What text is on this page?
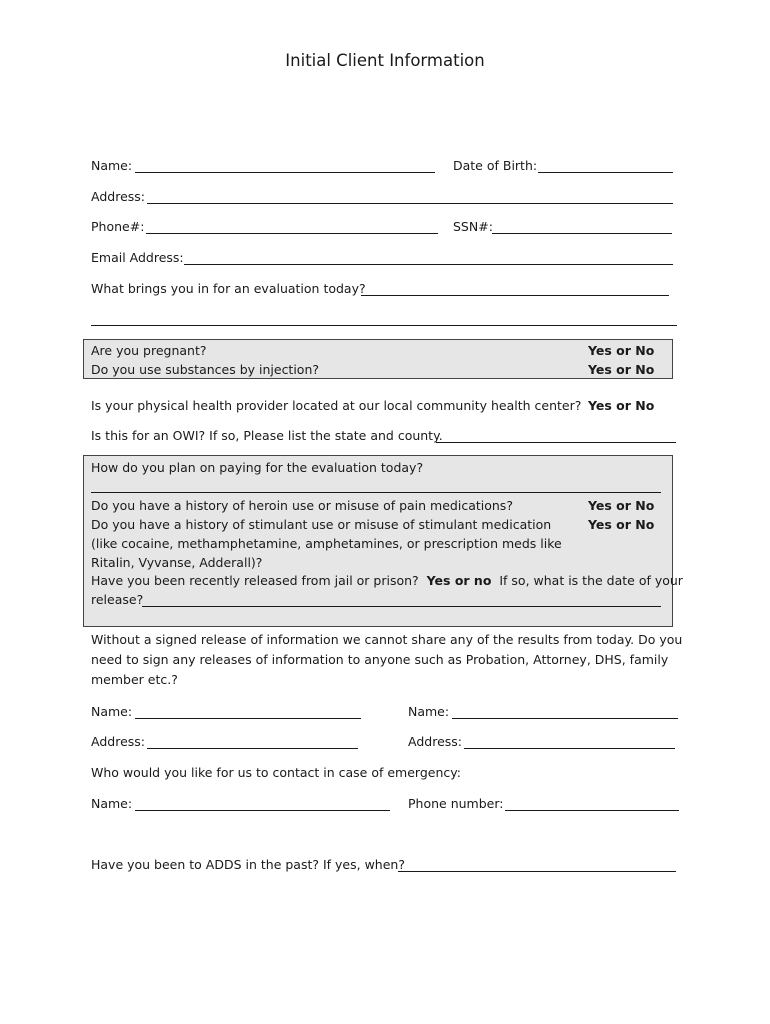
Initial Client Information
Name:	Date of Birth:
Address:
Phone#:	SSN#:
Email Address:
What brings you in for an evaluation today?
Are you pregnant?	Yes or No
Do you use substances by injection?	Yes or No
Is your physical health provider located at our local community health center? Yes or No
Is this for an OWI? If so, Please list the state and county.
How do you plan on paying for the evaluation today?
Do you have a history of heroin use or misuse of pain medications?	Yes or No
Do you have a history of stimulant use or misuse of stimulant medication	Yes or No
(like cocaine, methamphetamine, amphetamines, or prescription meds like
Ritalin, Vyvanse, Adderall)?
Have you been recently released from jail or prison? Yes or no If so, what is the date of your
release?
Without a signed release of information we cannot share any of the results from today. Do you
need to sign any releases of information to anyone such as Probation, Attorney, DHS, family
member etc.?
Name:	Name:
Address:	Address:
Who would you like for us to contact in case of emergency:
Name:	Phone number:
Have you been to ADDS in the past? If yes, when?
